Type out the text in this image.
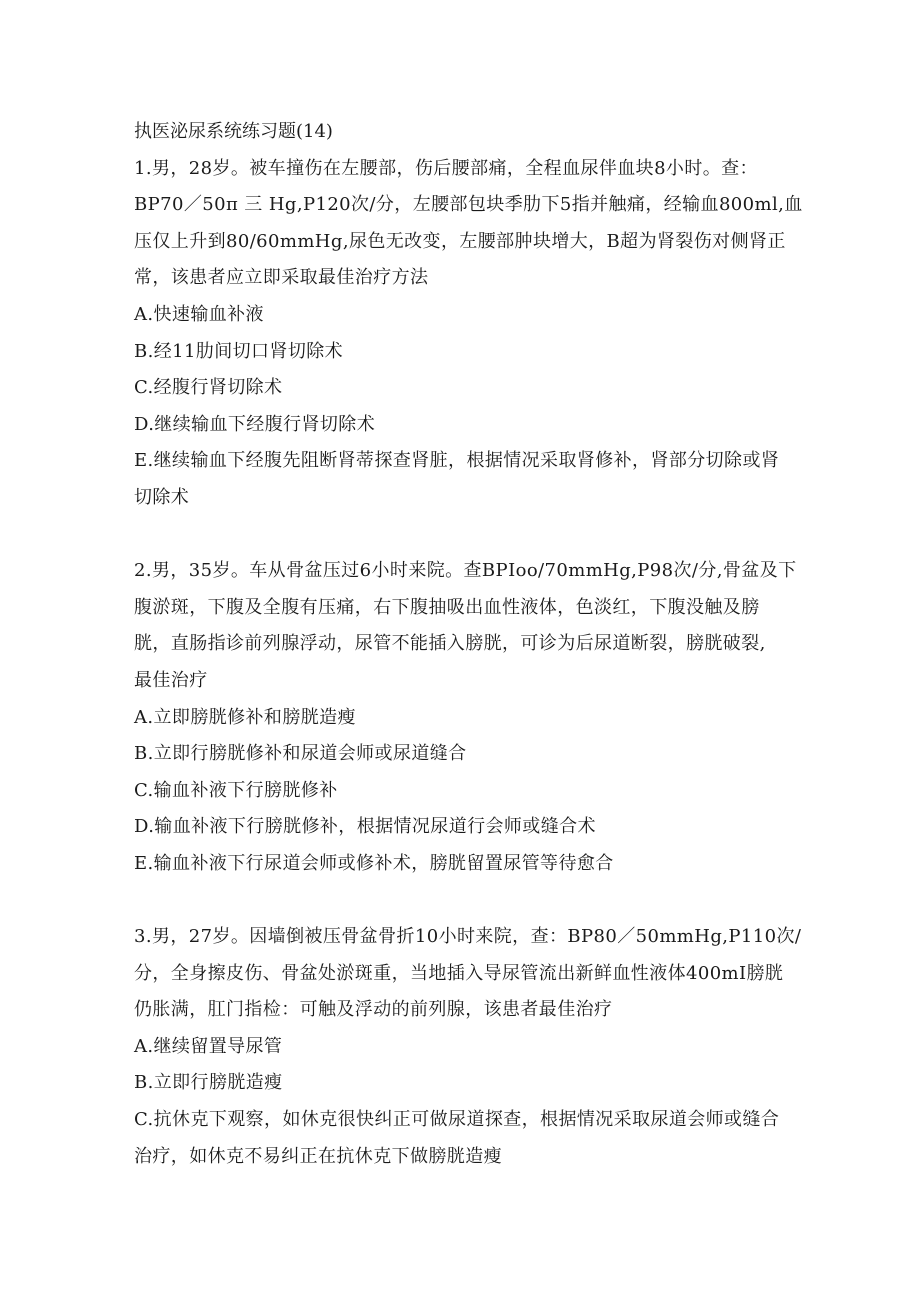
执医泌尿系统练习题(14)
1.男，28岁。被车撞伤在左腰部，伤后腰部痛，全程血尿伴血块8小时。查：
BP70／50π 三 Hg,P120次/分，左腰部包块季肋下5指并触痛，经输血800ml,血
压仅上升到80/60mmHg,尿色无改变，左腰部肿块增大，B超为肾裂伤对侧肾正
常，该患者应立即采取最佳治疗方法
A.快速输血补液
B.经11肋间切口肾切除术
C.经腹行肾切除术
D.继续输血下经腹行肾切除术
E.继续输血下经腹先阻断肾蒂探查肾脏，根据情况采取肾修补，肾部分切除或肾
切除术
2.男，35岁。车从骨盆压过6小时来院。查BPIoo/70mmHg,P98次/分,骨盆及下
腹淤斑，下腹及全腹有压痛，右下腹抽吸出血性液体，色淡红，下腹没触及膀
胱，直肠指诊前列腺浮动，尿管不能插入膀胱，可诊为后尿道断裂，膀胱破裂,
最佳治疗
A.立即膀胱修补和膀胱造瘦
B.立即行膀胱修补和尿道会师或尿道缝合
C.输血补液下行膀胱修补
D.输血补液下行膀胱修补，根据情况尿道行会师或缝合术
E.输血补液下行尿道会师或修补术，膀胱留置尿管等待愈合
3.男，27岁。因墙倒被压骨盆骨折10小时来院，查：BP80／50mmHg,P110次/
分，全身擦皮伤、骨盆处淤斑重，当地插入导尿管流出新鲜血性液体400mI膀胱
仍胀满，肛门指检：可触及浮动的前列腺，该患者最佳治疗
A.继续留置导尿管
B.立即行膀胱造瘦
C.抗休克下观察，如休克很快纠正可做尿道探查，根据情况采取尿道会师或缝合
治疗，如休克不易纠正在抗休克下做膀胱造瘦
